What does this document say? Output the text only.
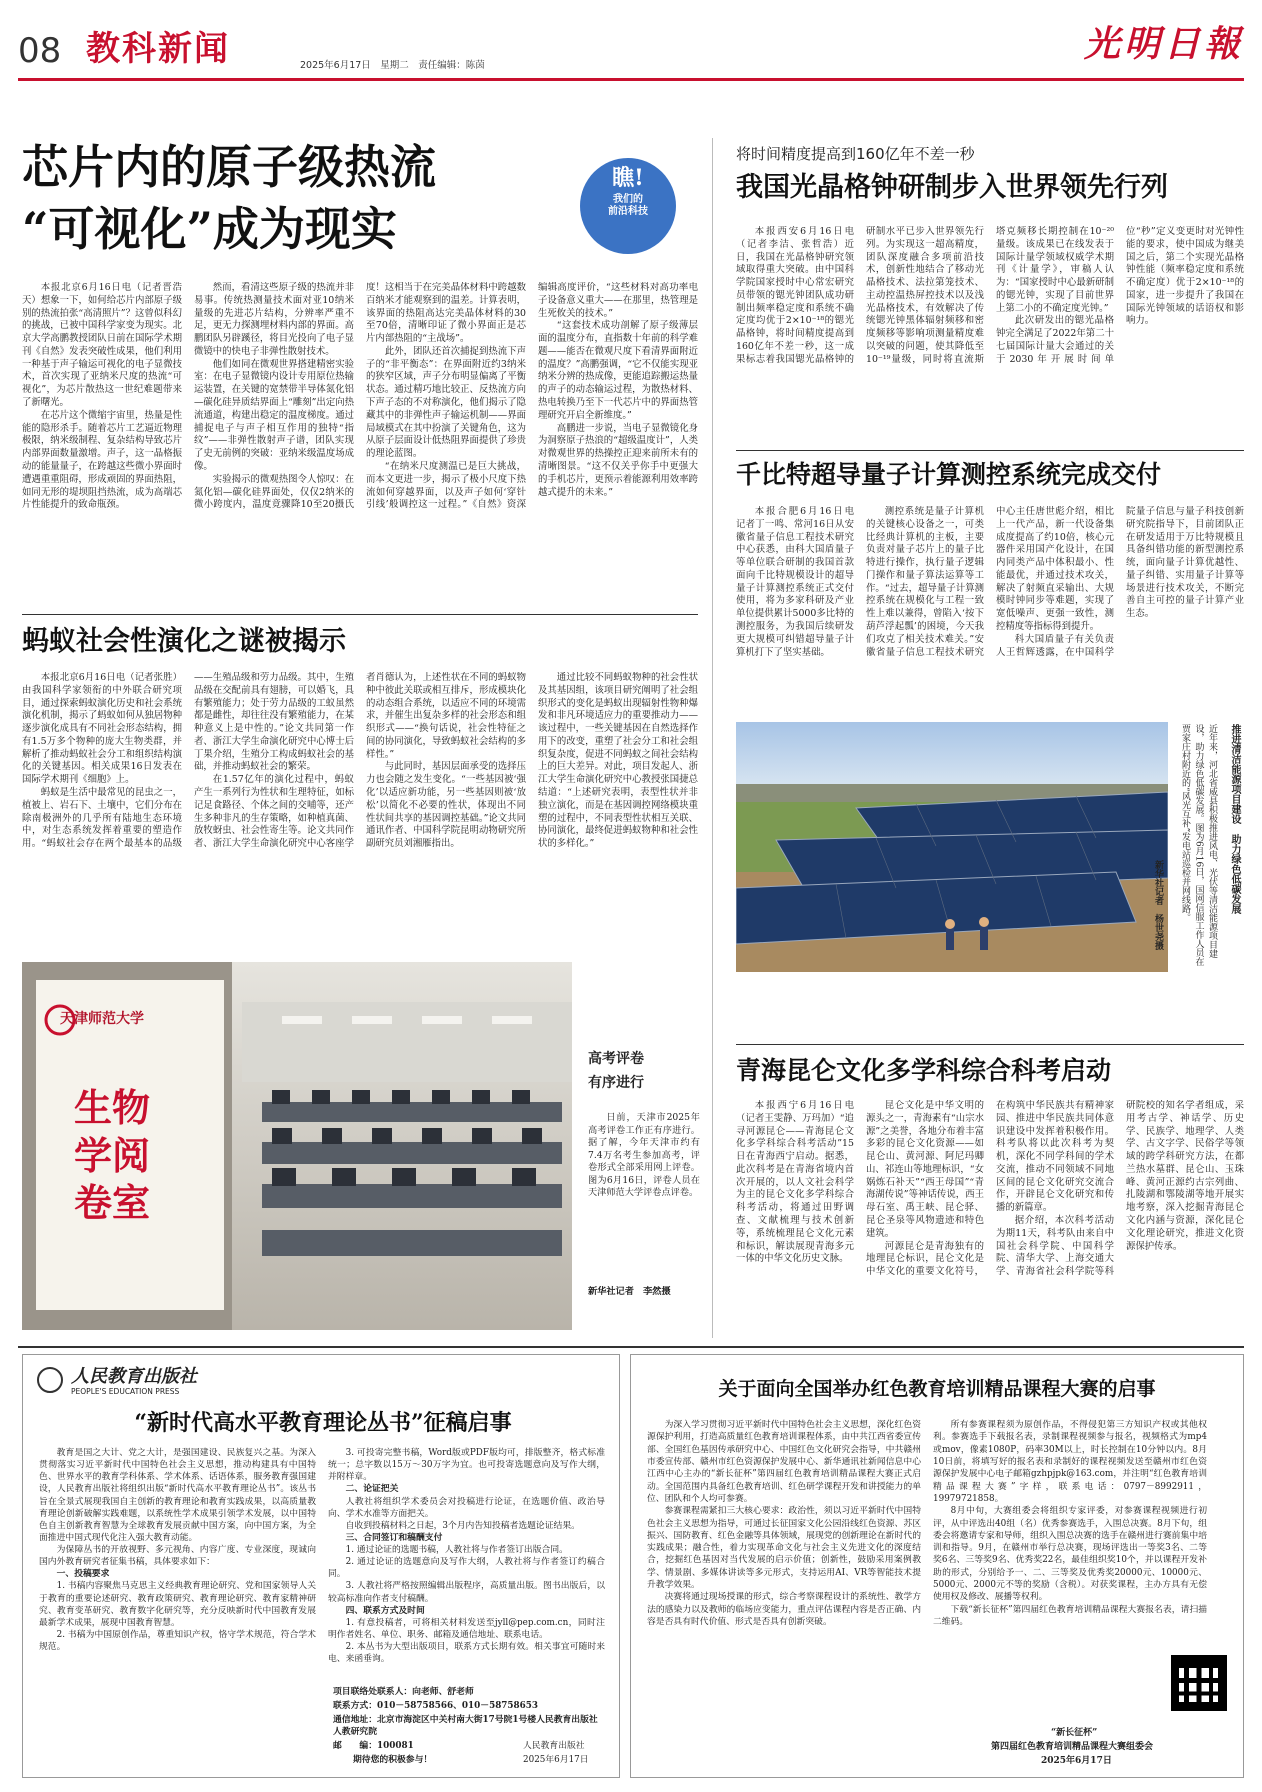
08 教科新闻	2025年6月17日　星期二　责任编辑：陈茵
光明日報
芯片内的原子级热流
“可视化”成为现实
瞧!
我们的
前沿科技

本报北京6月16日电（记者晋浩天）想象一下，如何给芯片内部原子级别的热流拍张“高清照片”？这曾似科幻的挑战，已被中国科学家变为现实。北京大学高鹏教授团队日前在国际学术期刊《自然》发表突破性成果，他们利用一种基于声子输运可视化的电子显微技术，首次实现了亚纳米尺度的热流“可视化”，为芯片散热这一世纪难题带来了新曙光。

在芯片这个微缩宇宙里，热量是性能的隐形杀手。随着芯片工艺逼近物理极限，纳米级制程、复杂结构导致芯片内部界面数量激增。声子，这一晶格振动的能量量子，在跨越这些微小界面时遭遇重重阻碍，形成顽固的界面热阻，如同无形的堤坝阻挡热流，成为高端芯片性能提升的致命瓶颈。

然而，看清这些原子级的热流并非易事。传统热测量技术面对亚10纳米量级的先进芯片结构，分辨率严重不足，更无力探测埋材料内部的界面。高鹏团队另辟蹊径，将目光投向了电子显微镜中的快电子非弹性散射技术。

他们如同在微观世界搭建精密实验室：在电子显微镜内设计专用原位热输运装置，在关键的宽禁带半导体氮化铝—碳化硅异质结界面上“雕刻”出定向热流通道，构建出稳定的温度梯度。通过捕捉电子与声子相互作用的独特“指纹”——非弹性散射声子谱，团队实现了史无前例的突破：亚纳米级温度场成像。

实验揭示的微观热图令人惊叹：在氮化铝—碳化硅界面处，仅仅2纳米的微小跨度内，温度竟骤降10至20摄氏度！这相当于在完美晶体材料中跨越数百纳米才能观察到的温差。计算表明，该界面的热阻高达完美晶体材料的30至70倍，清晰印证了微小界面正是芯片内部热阻的“主战场”。

此外，团队还首次捕捉到热流下声子的“非平衡态”：在界面附近约3纳米的狭窄区域，声子分布明显偏离了平衡状态。通过精巧地比较正、反热流方向下声子态的不对称演化，他们揭示了隐藏其中的非弹性声子输运机制——界面局域模式在其中扮演了关键角色，这为从原子层面设计低热阻界面提供了珍贵的理论蓝图。

“在纳米尺度测温已是巨大挑战，而本文更进一步，揭示了极小尺度下热流如何穿越界面，以及声子如何‘穿针引线’般调控这一过程。”《自然》资深编辑高度评价，“这些材料对高功率电子设备意义重大——在那里，热管理是生死攸关的技术。”

“这套技术成功剖解了原子级薄层面的温度分布，直指数十年前的科学难题——能否在微观尺度下看清界面附近的温度？”高鹏强调，“它不仅能实现亚纳米分辨的热成像，更能追踪搬运热量的声子的动态输运过程，为散热材料、热电转换乃至下一代芯片中的界面热管理研究开启全新维度。”

高鹏进一步说，当电子显微镜化身为洞察原子热浪的“超级温度计”，人类对微观世界的热操控正迎来前所未有的清晰图景。“这不仅关乎你手中更强大的手机芯片，更预示着能源利用效率跨越式提升的未来。”

蚂蚁社会性演化之谜被揭示

本报北京6月16日电（记者张胜）由我国科学家领衔的中外联合研究项目，通过探索蚂蚁演化历史和社会系统演化机制，揭示了蚂蚁如何从独居物种逐步演化成具有不同社会形态结构，拥有1.5万多个物种的庞大生物类群，并解析了推动蚂蚁社会分工和组织结构演化的关键基因。相关成果16日发表在国际学术期刊《细胞》上。

蚂蚁是生活中最常见的昆虫之一，植被上、岩石下、土壤中，它们分布在除南极洲外的几乎所有陆地生态环境中，对生态系统发挥着重要的塑造作用。“蚂蚁社会存在两个最基本的品级——生殖品级和劳力品级。其中，生殖品级在交配前具有翅膀，可以婚飞，具有繁殖能力；处于劳力品级的工蚁虽然都是雌性，却往往没有繁殖能力，在某种意义上是中性的。”论文共同第一作者、浙江大学生命演化研究中心博士后丁果介绍，生殖分工构成蚂蚁社会的基础，并推动蚂蚁社会的繁荣。

在1.57亿年的演化过程中，蚂蚁产生一系列行为性状和生理特征，如标记足食路径、个体之间的交哺等，还产生多种非凡的生存策略，如种植真菌、放牧蚜虫、社会性寄生等。论文共同作者、浙江大学生命演化研究中心客座学者肖德认为，上述性状在不同的蚂蚁物种中彼此关联或相互排斥，形成模块化的动态组合系统，以适应不同的环境需求，并催生出复杂多样的社会形态和组织形式——“换句话说，社会性特征之间的协同演化，导致蚂蚁社会结构的多样性。”

与此同时，基因层面承受的选择压力也会随之发生变化。“一些基因被‘强化’以适应新功能，另一些基因则被‘放松’以简化不必要的性状，体现出不同性状间共享的基因调控基础。”论文共同通讯作者、中国科学院昆明动物研究所副研究员刘湘雁指出。

通过比较不同蚂蚁物种的社会性状及其基因组，该项目研究阐明了社会组织形式的变化是蚂蚁出现辐射性物种爆发和非凡环境适应力的重要推动力——该过程中，一些关键基因在自然选择作用下的改变，重塑了社会分工和社会组织复杂度，促进不同蚂蚁之间社会结构上的巨大差异。对此，项目发起人、浙江大学生命演化研究中心教授张国捷总结道：“上述研究表明，表型性状并非独立演化，而是在基因调控网络模块重塑的过程中，不同表型性状相互关联、协同演化，最终促进蚂蚁物种和社会性状的多样化。”

天津师范大学
生物学阅卷室
高考评卷
有序进行
日前，天津市2025年高考评卷工作正有序进行。据了解，今年天津市约有7.4万名考生参加高考，评卷形式全部采用网上评卷。图为6月16日，评卷人员在天津师范大学评卷点评卷。
新华社记者　李然摄
将时间精度提高到160亿年不差一秒
我国光晶格钟研制步入世界领先行列

本报西安6月16日电（记者李洁、张哲浩）近日，我国在光晶格钟研究领域取得重大突破。由中国科学院国家授时中心常宏研究员带领的锶光钟团队成功研制出频率稳定度和系统不确定度均优于2×10⁻¹⁸的锶光晶格钟，将时间精度提高到160亿年不差一秒，这一成果标志着我国锶光晶格钟的研制水平已步入世界领先行列。为实现这一超高精度，团队深度融合多项前沿技术，创新性地结合了移动光晶格技术、法拉第笼技术、主动控温热屏控技术以及浅光晶格技术，有效解决了传统锶光钟黑体辐射频移和密度频移等影响项测量精度难以突破的问题，使其降低至10⁻¹⁹量级，同时将直流斯塔克频移长期控制在10⁻²⁰量级。该成果已在线发表于国际计量学领域权威学术期刊《计量学》，审稿人认为：“国家授时中心最新研制的锶光钟，实现了目前世界上第二小的不确定度光钟。”

此次研发出的锶光晶格钟完全满足了2022年第二十七届国际计量大会通过的关于2030年开展时间单位“秒”定义变更时对光钟性能的要求，使中国成为继美国之后，第二个实现光晶格钟性能（频率稳定度和系统不确定度）优于2×10⁻¹⁸的国家，进一步提升了我国在国际光钟领域的话语权和影响力。

千比特超导量子计算测控系统完成交付

本报合肥6月16日电　记者丁一鸣、常河16日从安徽省量子信息工程技术研究中心获悉，由科大国盾量子等单位联合研制的我国首款面向千比特规模设计的超导量子计算测控系统正式交付使用，将为多家科研及产业单位提供累计5000多比特的测控服务，为我国后续研发更大规模可纠错超导量子计算机打下了坚实基础。

测控系统是量子计算机的关键核心设备之一，可类比经典计算机的主板，主要负责对量子芯片上的量子比特进行操作，执行量子逻辑门操作和量子算法运算等工作。“过去，超导量子计算测控系统在规模化与工程一致性上难以兼得，曾陷入‘按下葫芦浮起瓢’的困境，今天我们攻克了相关技术难关。”安徽省量子信息工程技术研究中心主任唐世彪介绍，相比上一代产品，新一代设备集成度提高了约10倍，核心元器件采用国产化设计，在国内同类产品中体积最小、性能最优，并通过技术攻关，解决了射频直采输出、大规模时钟同步等难题，实现了宽低噪声、更强一致性，测控精度等指标得到提升。

科大国盾量子有关负责人王哲辉透露，在中国科学院量子信息与量子科技创新研究院指导下，目前团队正在研发适用于万比特规模且具备纠错功能的新型测控系统，面向量子计算优越性、量子纠错、实用量子计算等场景进行技术攻关，不断完善自主可控的量子计算产业生态。

推进清洁能源项目建设　助力绿色低碳发展
近年来，河北省威县积极推进风电、光伏等清洁能源项目建设，助力绿色低碳发展。图为6月16日，国网信服工作人员在贾家庄村附近的“风光互补”发电站巡检并网线路。
新华社记者　杨世尧摄
青海昆仑文化多学科综合科考启动

本报西宁6月16日电（记者王雯静、万玛加）“追寻河源昆仑——青海昆仑文化多学科综合科考活动”15日在青海西宁启动。据悉，此次科考是在青海省境内首次开展的，以人文社会科学为主的昆仑文化多学科综合科考活动，将通过田野调查、文献梳理与技术创新等，系统梳理昆仑文化元素和标识，解读展现青海多元一体的中华文化历史文脉。

昆仑文化是中华文明的源头之一，青海素有“山宗水源”之美誉，各地分布着丰富多彩的昆仑文化资源——如昆仑山、黄河源、阿尼玛卿山、祁连山等地理标识，“女娲炼石补天”“西王母国”“青海湖传说”等神话传说，西王母石室、禹王峡、昆仑驿、昆仑圣泉等风物遗迹和特色建筑。

河源昆仑是青海独有的地理昆仑标识，昆仑文化是中华文化的重要文化符号，在构筑中华民族共有精神家园、推进中华民族共同体意识建设中发挥着积极作用。科考队将以此次科考为契机，深化不同学科间的学术交流，推动不同领域不同地区间的昆仑文化研究交流合作，开辟昆仑文化研究和传播的新篇章。

据介绍，本次科考活动为期11天，科考队由来自中国社会科学院、中国科学院、清华大学、上海交通大学、青海省社会科学院等科研院校的知名学者组成，采用考古学、神话学、历史学、民族学、地理学、人类学、古文字学、民俗学等领域的跨学科研究方法，在都兰热水墓群、昆仑山、玉珠峰、黄河正源约古宗列曲、扎陵湖和鄂陵湖等地开展实地考察，深入挖掘青海昆仑文化内涵与资源，深化昆仑文化理论研究，推进文化资源保护传承。

人民教育出版社
PEOPLE'S EDUCATION PRESS
“新时代高水平教育理论丛书”征稿启事

教育是国之大计、党之大计，是强国建设、民族复兴之基。为深入贯彻落实习近平新时代中国特色社会主义思想，推动构建具有中国特色、世界水平的教育学科体系、学术体系、话语体系，服务教育强国建设，人民教育出版社将组织出版“新时代高水平教育理论丛书”。该丛书旨在全景式展现我国自主创新的教育理论和教育实践成果，以高质量教育理论创新破解实践难题，以系统性学术成果引领学术发展，以中国特色自主创新教育智慧为全球教育发展贡献中国方案，向中国方案，为全面推进中国式现代化注入强大教育动能。

为保障丛书的开放视野、多元视角、内容广度、专业深度，现诚向国内外教育研究者征集书稿，具体要求如下：

一、投稿要求

1. 书稿内容聚焦马克思主义经典教育理论研究、党和国家领导人关于教育的重要论述研究、教育政策研究、教育理论研究、教育家精神研究、教育变革研究、教育数字化研究等，充分反映新时代中国教育发展最新学术成果，展现中国教育智慧。

2. 书稿为中国原创作品，尊重知识产权，恪守学术规范，符合学术规范。

3. 可投寄完整书稿，Word版或PDF版均可，排版整齐，格式标准统一；总字数以15万～30万字为宜。也可投寄选题意向及写作大纲，并附样章。

二、论证把关

人教社将组织学术委员会对投稿进行论证，在选题价值、政治导向、学术水准等方面把关。

自收到投稿材料之日起，3个月内告知投稿者选题论证结果。

三、合同签订和稿酬支付

1. 通过论证的选题书稿，人教社将与作者签订出版合同。

2. 通过论证的选题意向及写作大纲，人教社将与作者签订约稿合同。

3. 人教社将严格按照编辑出版程序，高质量出版。图书出版后，以较高标准向作者支付稿酬。

四、联系方式及时间

1. 有意投稿者，可将相关材料发送至jyll@pep.com.cn，同时注明作者姓名、单位、职务、邮箱及通信地址、联系电话。

2. 本丛书为大型出版项目，联系方式长期有效。相关事宜可随时来电、来函垂询。

项目联络处联系人：向老师、舒老师
联系方式：010－58758566、010－58758653
通信地址：北京市海淀区中关村南大街17号院1号楼人民教育出版社人教研究院
邮　　编：100081
期待您的积极参与！
人民教育出版社
2025年6月17日
关于面向全国举办红色教育培训精品课程大赛的启事

为深入学习贯彻习近平新时代中国特色社会主义思想，深化红色资源保护利用，打造高质量红色教育培训课程体系，由中共江西省委宣传部、全国红色基因传承研究中心、中国红色文化研究会指导，中共赣州市委宣传部、赣州市红色资源保护发展中心、新华通讯社新闻信息中心江西中心主办的“新长征杯”第四届红色教育培训精品课程大赛正式启动。全国范围内具备红色教育培训、红色研学课程开发和讲授能力的单位、团队和个人均可参赛。

参赛课程需紧扣三大核心要求：政治性，须以习近平新时代中国特色社会主义思想为指导，可通过长征国家文化公园沿线红色资源、苏区振兴、国防教育、红色金融等具体领域，展现党的创新理论在新时代的实践成果；融合性，着力实现革命文化与社会主义先进文化的深度结合，挖掘红色基因对当代发展的启示价值；创新性，鼓励采用案例教学、情景剧、多媒体讲读等多元形式，支持运用AI、VR等智能技术提升教学效果。

决赛将通过现场授课的形式，综合考察课程设计的系统性、教学方法的感染力以及教师的临场应变能力，重点评估课程内容是否正确、内容是否具有时代价值、形式是否具有创新突破。

所有参赛课程须为原创作品，不得侵犯第三方知识产权或其他权利。参赛选手下载报名表，录制课程视频参与报名，视频格式为mp4或mov，像素1080P，码率30M以上，时长控制在10分钟以内。8月10日前，将填写好的报名表和录制好的课程视频发送至赣州市红色资源保护发展中心电子邮箱gzhpjpk@163.com，并注明“红色教育培训精品课程大赛”字样，联系电话：0797－8992911，19979721858。

8月中旬，大赛组委会将组织专家评委，对参赛课程视频进行初评，从中评选出40组（名）优秀参赛选手，入围总决赛。8月下旬，组委会将邀请专家和导师，组织入围总决赛的选手在赣州进行赛前集中培训和指导。9月，在赣州市举行总决赛，现场评选出一等奖3名、二等奖6名、三等奖9名、优秀奖22名，最佳组织奖10个，并以课程开发补助的形式，分别给予一、二、三等奖及优秀奖20000元、10000元、5000元、2000元不等的奖励（含税）。对获奖课程，主办方具有无偿使用权及修改、展播等权利。

下载“新长征杯”第四届红色教育培训精品课程大赛报名表，请扫描二维码。

“新长征杯”
第四届红色教育培训精品课程大赛组委会
2025年6月17日
